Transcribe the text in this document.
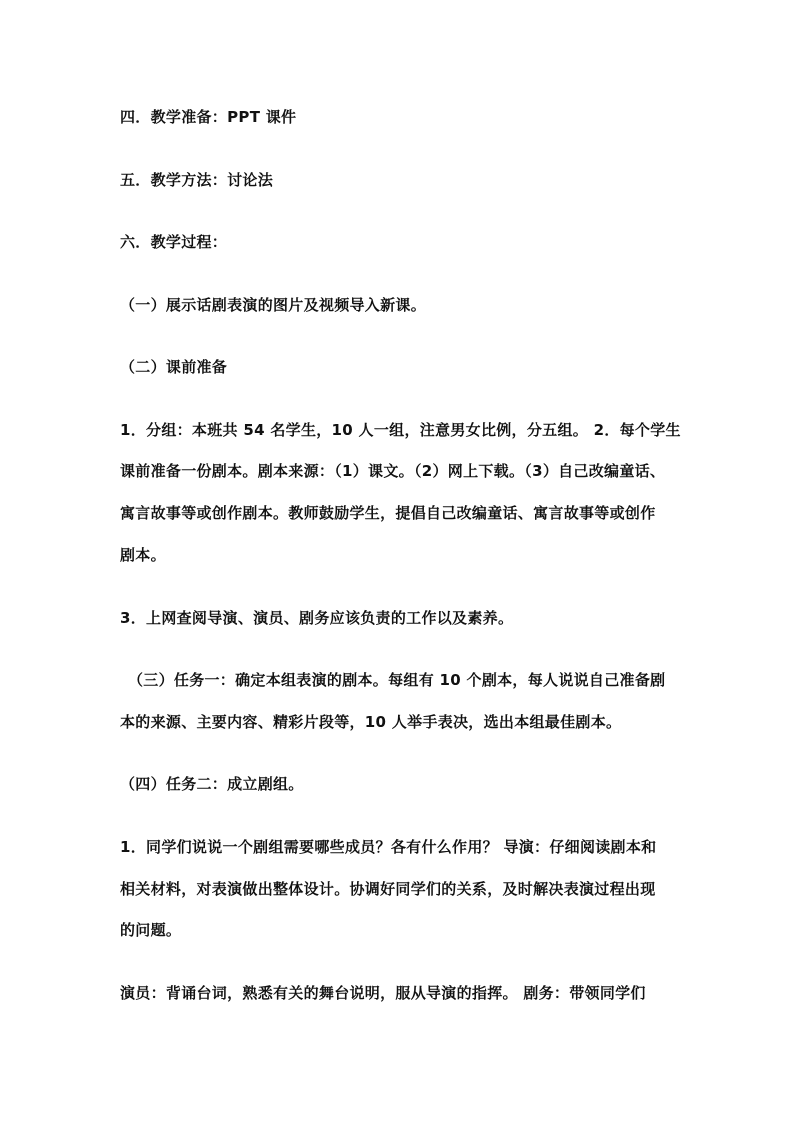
四．教学准备：PPT 课件
五．教学方法：讨论法
六．教学过程：
（一）展示话剧表演的图片及视频导入新课。
（二）课前准备
1．分组：本班共 54 名学生，10 人一组，注意男女比例，分五组。 2．每个学生
课前准备一份剧本。剧本来源：（1）课文。（2）网上下载。（3）自己改编童话、
寓言故事等或创作剧本。教师鼓励学生，提倡自己改编童话、寓言故事等或创作
剧本。
3．上网查阅导演、演员、剧务应该负责的工作以及素养。
（三）任务一：确定本组表演的剧本。每组有 10 个剧本，每人说说自己准备剧
本的来源、主要内容、精彩片段等，10 人举手表决，选出本组最佳剧本。
（四）任务二：成立剧组。
1．同学们说说一个剧组需要哪些成员？各有什么作用？ 导演：仔细阅读剧本和
相关材料，对表演做出整体设计。协调好同学们的关系，及时解决表演过程出现
的问题。
演员：背诵台词，熟悉有关的舞台说明，服从导演的指挥。 剧务：带领同学们
